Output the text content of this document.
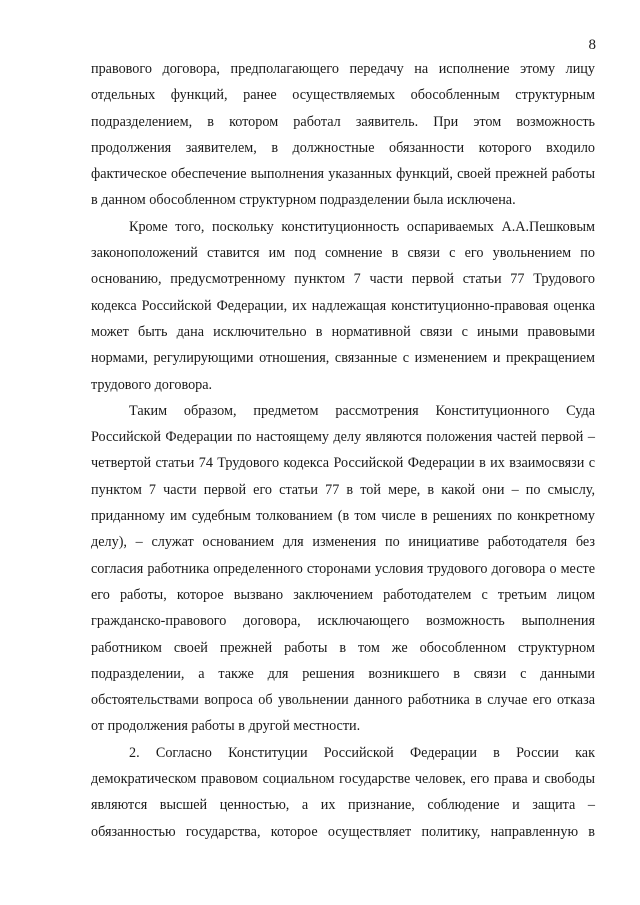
8

правового договора, предполагающего передачу на исполнение этому лицу отдельных функций, ранее осуществляемых обособленным структурным подразделением, в котором работал заявитель. При этом возможность продолжения заявителем, в должностные обязанности которого входило фактическое обеспечение выполнения указанных функций, своей прежней работы в данном обособленном структурном подразделении была исключена.

Кроме того, поскольку конституционность оспариваемых А.А.Пешковым законоположений ставится им под сомнение в связи с его увольнением по основанию, предусмотренному пунктом 7 части первой статьи 77 Трудового кодекса Российской Федерации, их надлежащая конституционно-правовая оценка может быть дана исключительно в нормативной связи с иными правовыми нормами, регулирующими отношения, связанные с изменением и прекращением трудового договора.

Таким образом, предметом рассмотрения Конституционного Суда Российской Федерации по настоящему делу являются положения частей первой – четвертой статьи 74 Трудового кодекса Российской Федерации в их взаимосвязи с пунктом 7 части первой его статьи 77 в той мере, в какой они – по смыслу, приданному им судебным толкованием (в том числе в решениях по конкретному делу), – служат основанием для изменения по инициативе работодателя без согласия работника определенного сторонами условия трудового договора о месте его работы, которое вызвано заключением работодателем с третьим лицом гражданско-правового договора, исключающего возможность выполнения работником своей прежней работы в том же обособленном структурном подразделении, а также для решения возникшего в связи с данными обстоятельствами вопроса об увольнении данного работника в случае его отказа от продолжения работы в другой местности.

2. Согласно Конституции Российской Федерации в России как демократическом правовом социальном государстве человек, его права и свободы являются высшей ценностью, а их признание, соблюдение и защита – обязанностью государства, которое осуществляет политику, направленную в
